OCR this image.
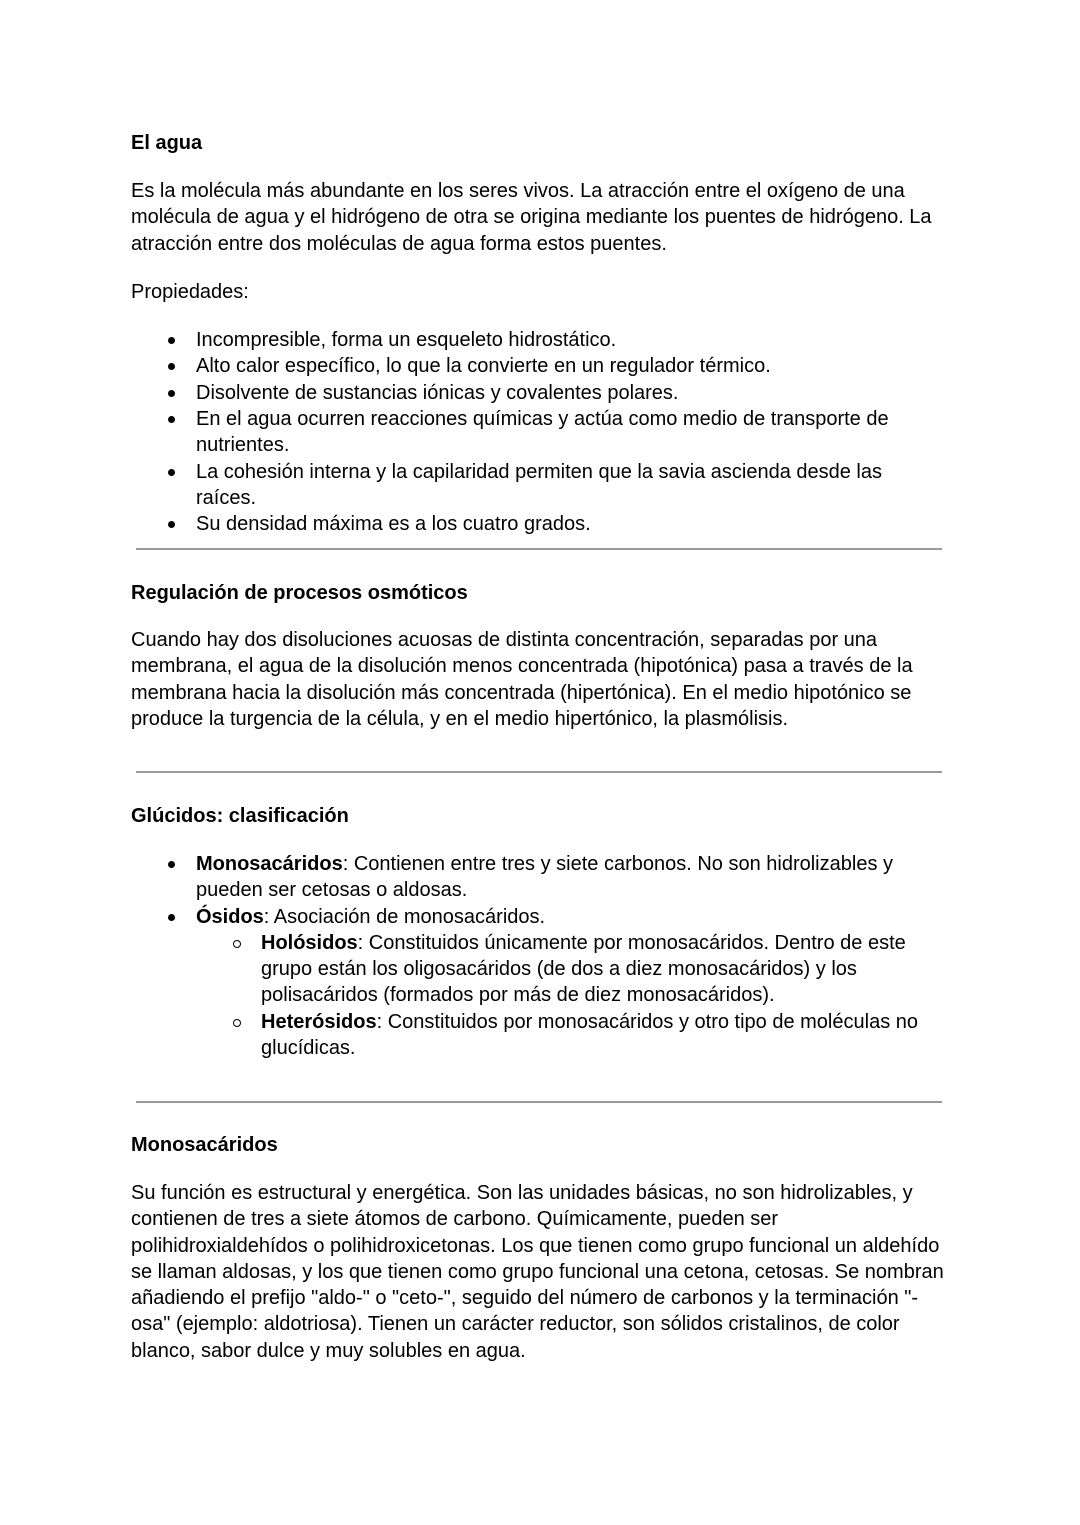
El agua

Es la molécula más abundante en los seres vivos. La atracción entre el oxígeno de una molécula de agua y el hidrógeno de otra se origina mediante los puentes de hidrógeno. La atracción entre dos moléculas de agua forma estos puentes.

Propiedades:

Incompresible, forma un esqueleto hidrostático.
Alto calor específico, lo que la convierte en un regulador térmico.
Disolvente de sustancias iónicas y covalentes polares.
En el agua ocurren reacciones químicas y actúa como medio de transporte de nutrientes.
La cohesión interna y la capilaridad permiten que la savia ascienda desde las raíces.
Su densidad máxima es a los cuatro grados.
Regulación de procesos osmóticos

Cuando hay dos disoluciones acuosas de distinta concentración, separadas por una membrana, el agua de la disolución menos concentrada (hipotónica) pasa a través de la membrana hacia la disolución más concentrada (hipertónica). En el medio hipotónico se produce la turgencia de la célula, y en el medio hipertónico, la plasmólisis.

Glúcidos: clasificación
Monosacáridos: Contienen entre tres y siete carbonos. No son hidrolizables y pueden ser cetosas o aldosas.
Ósidos: Asociación de monosacáridos.
Holósidos: Constituidos únicamente por monosacáridos. Dentro de este grupo están los oligosacáridos (de dos a diez monosacáridos) y los polisacáridos (formados por más de diez monosacáridos).
Heterósidos: Constituidos por monosacáridos y otro tipo de moléculas no glucídicas.
Monosacáridos

Su función es estructural y energética. Son las unidades básicas, no son hidrolizables, y contienen de tres a siete átomos de carbono. Químicamente, pueden ser polihidroxialdehídos o polihidroxicetonas. Los que tienen como grupo funcional un aldehído se llaman aldosas, y los que tienen como grupo funcional una cetona, cetosas. Se nombran añadiendo el prefijo "aldo-" o "ceto-", seguido del número de carbonos y la terminación "-osa" (ejemplo: aldotriosa). Tienen un carácter reductor, son sólidos cristalinos, de color blanco, sabor dulce y muy solubles en agua.
